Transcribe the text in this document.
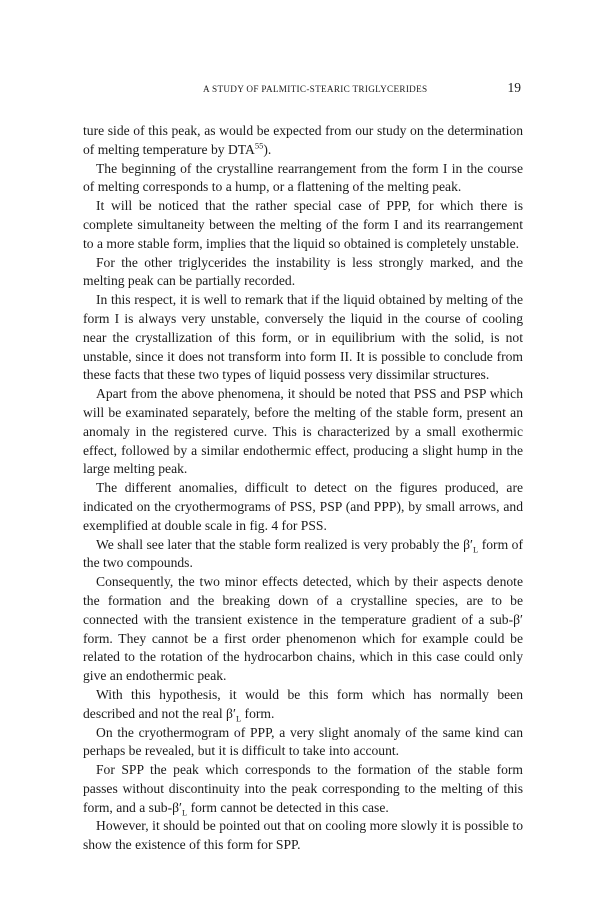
A STUDY OF PALMITIC-STEARIC TRIGLYCERIDES	19

ture side of this peak, as would be expected from our study on the determination of melting temperature by DTA$^{55}$).

The beginning of the crystalline rearrangement from the form I in the course of melting corresponds to a hump, or a flattening of the melting peak.

It will be noticed that the rather special case of PPP, for which there is complete simultaneity between the melting of the form I and its rearrangement to a more stable form, implies that the liquid so obtained is completely unstable.

For the other triglycerides the instability is less strongly marked, and the melting peak can be partially recorded.

In this respect, it is well to remark that if the liquid obtained by melting of the form I is always very unstable, conversely the liquid in the course of cooling near the crystallization of this form, or in equilibrium with the solid, is not unstable, since it does not transform into form II. It is possible to conclude from these facts that these two types of liquid possess very dissimilar structures.

Apart from the above phenomena, it should be noted that PSS and PSP which will be examinated separately, before the melting of the stable form, present an anomaly in the registered curve. This is characterized by a small exothermic effect, followed by a similar endothermic effect, producing a slight hump in the large melting peak.

The different anomalies, difficult to detect on the figures produced, are indicated on the cryothermograms of PSS, PSP (and PPP), by small arrows, and exemplified at double scale in fig. 4 for PSS.

We shall see later that the stable form realized is very probably the $\beta'_L$ form of the two compounds.

Consequently, the two minor effects detected, which by their aspects denote the formation and the breaking down of a crystalline species, are to be connected with the transient existence in the temperature gradient of a sub-β′ form. They cannot be a first order phenomenon which for example could be related to the rotation of the hydrocarbon chains, which in this case could only give an endothermic peak.

With this hypothesis, it would be this form which has normally been described and not the real $\beta'_L$ form.

On the cryothermogram of PPP, a very slight anomaly of the same kind can perhaps be revealed, but it is difficult to take into account.

For SPP the peak which corresponds to the formation of the stable form passes without discontinuity into the peak corresponding to the melting of this form, and a sub-$\beta'_L$ form cannot be detected in this case.

However, it should be pointed out that on cooling more slowly it is possible to show the existence of this form for SPP.
